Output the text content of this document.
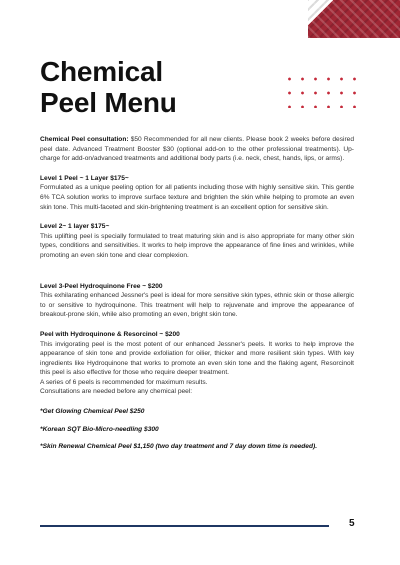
Chemical
Peel Menu

Chemical Peel consultation: $50 Recommended for all new clients. Please book 2 weeks before desired peel date. Advanced Treatment Booster $30 (optional add-on to the other professional treatments). Up-charge for add-on/advanced treatments and additional body parts (i.e. neck, chest, hands, lips, or arms).

Level 1 Peel ~ 1 Layer $175~

Formulated as a unique peeling option for all patients including those with highly sensitive skin. This gentle 6% TCA solution works to improve surface texture and brighten the skin while helping to promote an even skin tone. This multi-faceted and skin-brightening treatment is an excellent option for sensitive skin.

Level 2~ 1 layer $175~

This uplifting peel is specially formulated to treat maturing skin and is also appropriate for many other skin types, conditions and sensitivities. It works to help improve the appearance of fine lines and wrinkles, while promoting an even skin tone and clear complexion.

Level 3-Peel Hydroquinone Free ~ $200

This exhilarating enhanced Jessner's peel is ideal for more sensitive skin types, ethnic skin or those allergic to or sensitive to hydroquinone. This treatment will help to rejuvenate and improve the appearance of breakout-prone skin, while also promoting an even, bright skin tone.

Peel with Hydroquinone & Resorcinol ~ $200

This invigorating peel is the most potent of our enhanced Jessner's peels. It works to help improve the appearance of skin tone and provide exfoliation for oilier, thicker and more resilient skin types. With key ingredients like Hydroquinone that works to promote an even skin tone and the flaking agent, Resorcinolt this peel is also effective for those who require deeper treatment.

A series of 6 peels is recommended for maximum results.

Consultations are needed before any chemical peel:

*Get Glowing Chemical Peel $250

*Korean SQT Bio-Micro-needling $300

*Skin Renewal Chemical Peel $1,150 (two day treatment and 7 day down time is needed).

5
